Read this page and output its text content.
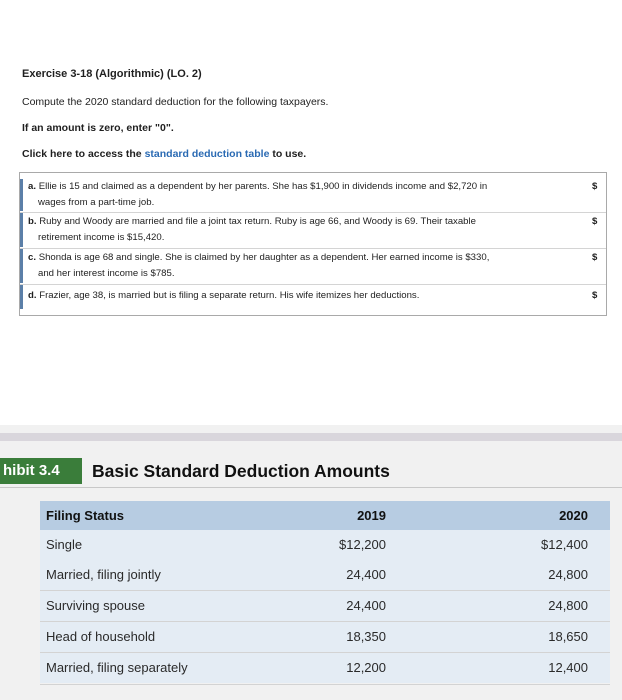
Exercise 3-18 (Algorithmic) (LO. 2)
Compute the 2020 standard deduction for the following taxpayers.
If an amount is zero, enter "0".
Click here to access the standard deduction table to use.
a. Ellie is 15 and claimed as a dependent by her parents. She has $1,900 in dividends income and $2,720 in
wages from a part-time job.
$
b. Ruby and Woody are married and file a joint tax return. Ruby is age 66, and Woody is 69. Their taxable
retirement income is $15,420.
$
c. Shonda is age 68 and single. She is claimed by her daughter as a dependent. Her earned income is $330,
and her interest income is $785.
$
d. Frazier, age 38, is married but is filing a separate return. His wife itemizes her deductions.	$
hibit 3.4	Basic Standard Deduction Amounts
Filing Status	2019	2020
Single	$12,200	$12,400
Married, filing jointly	24,400	24,800
Surviving spouse	24,400	24,800
Head of household	18,350	18,650
Married, filing separately	12,200	12,400
